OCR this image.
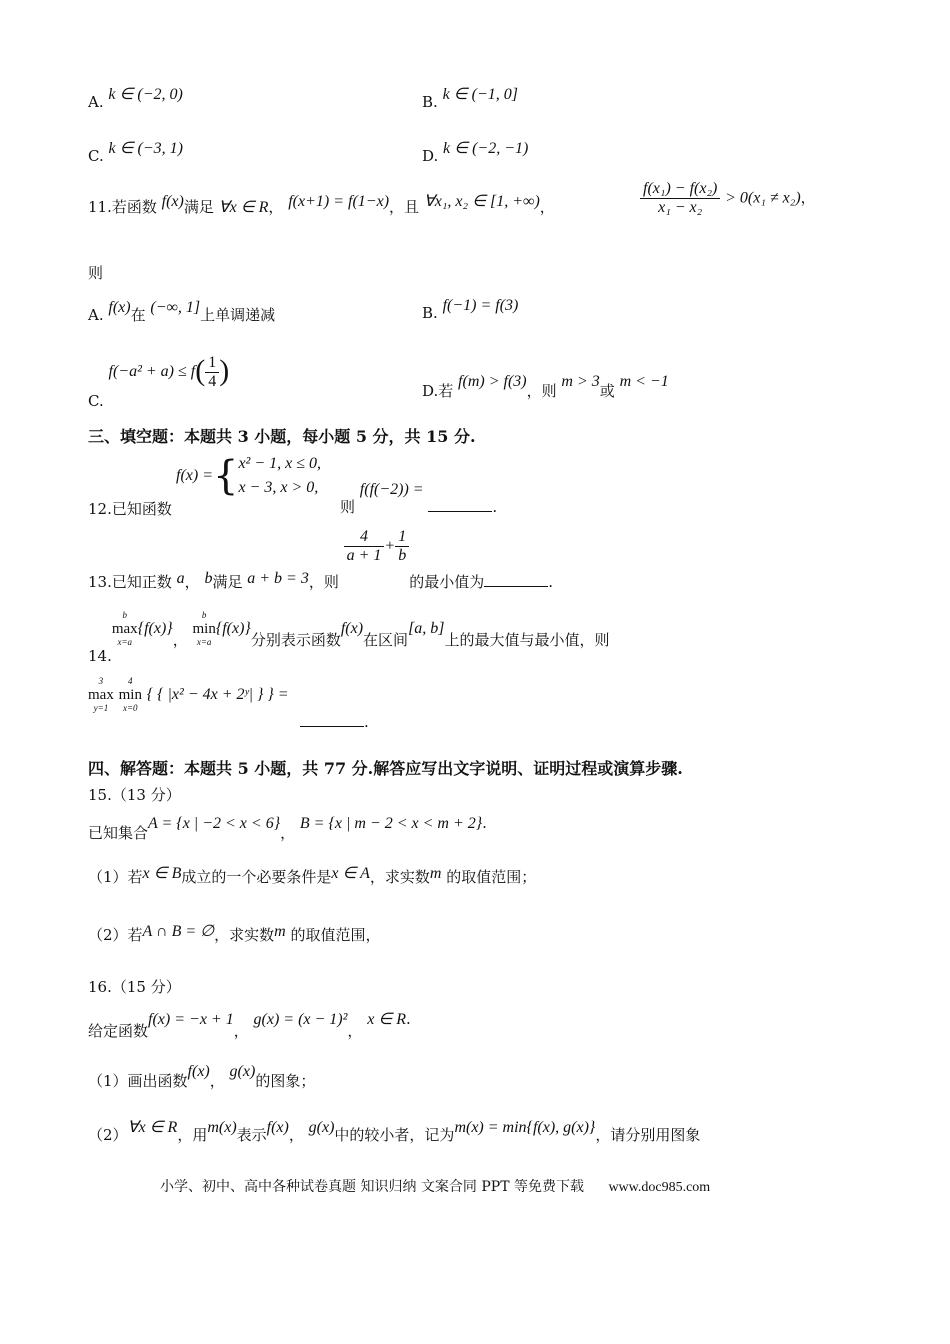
A. k ∈ (−2, 0)	B. k ∈ (−1, 0]
C. k ∈ (−3, 1)	D. k ∈ (−2, −1)
11.若函数 f(x)满足 ∀x ∈ R， f(x+1) = f(1−x)，且 ∀x₁, x₂ ∈ [1, +∞)，	$\frac{\text{f(x₁) − f(x₂)}}{\text{x₁ − x₂}} > 0(x_1 \ne x_2)$，
则
A. f(x)在 (−∞, 1]上单调递减	B. f(−1) = f(3)
C. $f(-a^2 + a) \le f( \frac{1}{4}$ )
D.若 f(m) > f(3)，则 m > 3或 m < −1
三、填空题：本题共 3 小题，每小题 5 分，共 15 分.
12.已知函数
f(x) ={ x² − 1, x ≤ 0,
x − 3, x > 0,
则 f(f(−2)) = .
13.已知正数 a， b满足 a + b = 3，则
$\frac{4}{a + 1} + \frac{1}{b}$
的最小值为	.
14.
b
max
x=a
{f(x)}，
b
min
x=a
{f(x)}分别表示函数f(x)在区间[a, b]上的最大值与最小值，则
3
max
y=1

4
min
x=0
{ { |x² − 4x + 2ʸ| } } =
.
四、解答题：本题共 5 小题，共 77 分.解答应写出文字说明、证明过程或演算步骤.
15.（13 分）
已知集合A = {x | −2 < x < 6}， B = {x | m − 2 < x < m + 2}.
（1）若x ∈ B成立的一个必要条件是x ∈ A，求实数m 的取值范围；
（2）若A ∩ B = ∅，求实数m 的取值范围，
16.（15 分）
给定函数f(x) = −x + 1， g(x) = (x − 1)²， x ∈ R.
（1）画出函数f(x)， g(x)的图象；
（2）∀x ∈ R，用m(x)表示f(x)， g(x)中的较小者，记为m(x) = min{f(x), g(x)}，请分别用图象
小学、初中、高中各种试卷真题 知识归纳 文案合同 PPT 等免费下载 www.doc985.com
